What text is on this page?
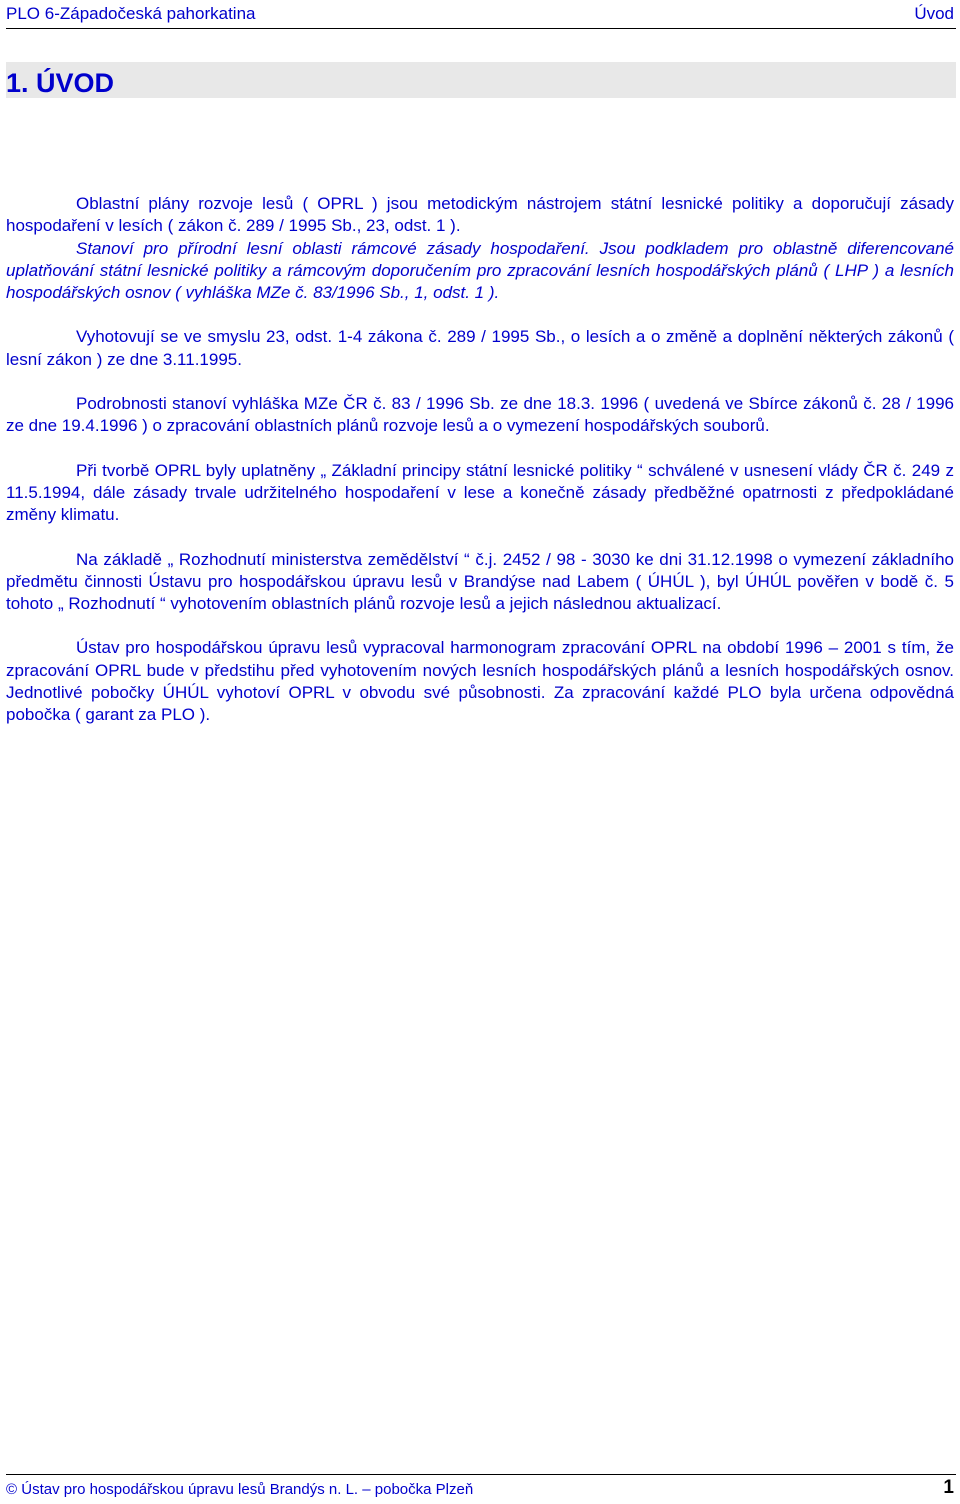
PLO 6-Západočeská pahorkatina	Úvod
1. ÚVOD

Oblastní plány rozvoje lesů ( OPRL ) jsou metodickým nástrojem státní lesnické politiky a doporučují zásady hospodaření v lesích ( zákon č. 289 / 1995 Sb., 23, odst. 1 ).

Stanoví pro přírodní lesní oblasti rámcové zásady hospodaření. Jsou podkladem pro oblastně diferencované uplatňování státní lesnické politiky a rámcovým doporučením pro zpracování lesních hospodářských plánů ( LHP ) a lesních hospodářských osnov ( vyhláška MZe č. 83/1996 Sb., 1, odst. 1 ).

Vyhotovují se ve smyslu 23, odst. 1-4 zákona č. 289 / 1995 Sb., o lesích a o změně a doplnění některých zákonů ( lesní zákon ) ze dne 3.11.1995.

Podrobnosti stanoví vyhláška MZe ČR č. 83 / 1996 Sb. ze dne 18.3. 1996 ( uvedená ve Sbírce zákonů č. 28 / 1996 ze dne 19.4.1996 ) o zpracování oblastních plánů rozvoje lesů a o vymezení hospodářských souborů.

Při tvorbě OPRL byly uplatněny „ Základní principy státní lesnické politiky “ schválené v usnesení vlády ČR č. 249 z 11.5.1994, dále zásady trvale udržitelného hospodaření v lese a konečně zásady předběžné opatrnosti z předpokládané změny klimatu.

Na základě „ Rozhodnutí ministerstva zemědělství “ č.j. 2452 / 98 - 3030 ke dni 31.12.1998 o vymezení základního předmětu činnosti Ústavu pro hospodářskou úpravu lesů v Brandýse nad Labem ( ÚHÚL ), byl ÚHÚL pověřen v bodě č. 5 tohoto „ Rozhodnutí “ vyhotovením oblastních plánů rozvoje lesů a jejich následnou aktualizací.

Ústav pro hospodářskou úpravu lesů vypracoval harmonogram zpracování OPRL na období 1996 – 2001 s tím, že zpracování OPRL bude v předstihu před vyhotovením nových lesních hospodářských plánů a lesních hospodářských osnov. Jednotlivé pobočky ÚHÚL vyhotoví OPRL v obvodu své působnosti. Za zpracování každé PLO byla určena odpovědná pobočka ( garant za PLO ).

© Ústav pro hospodářskou úpravu lesů Brandýs n. L. – pobočka Plzeň	1
